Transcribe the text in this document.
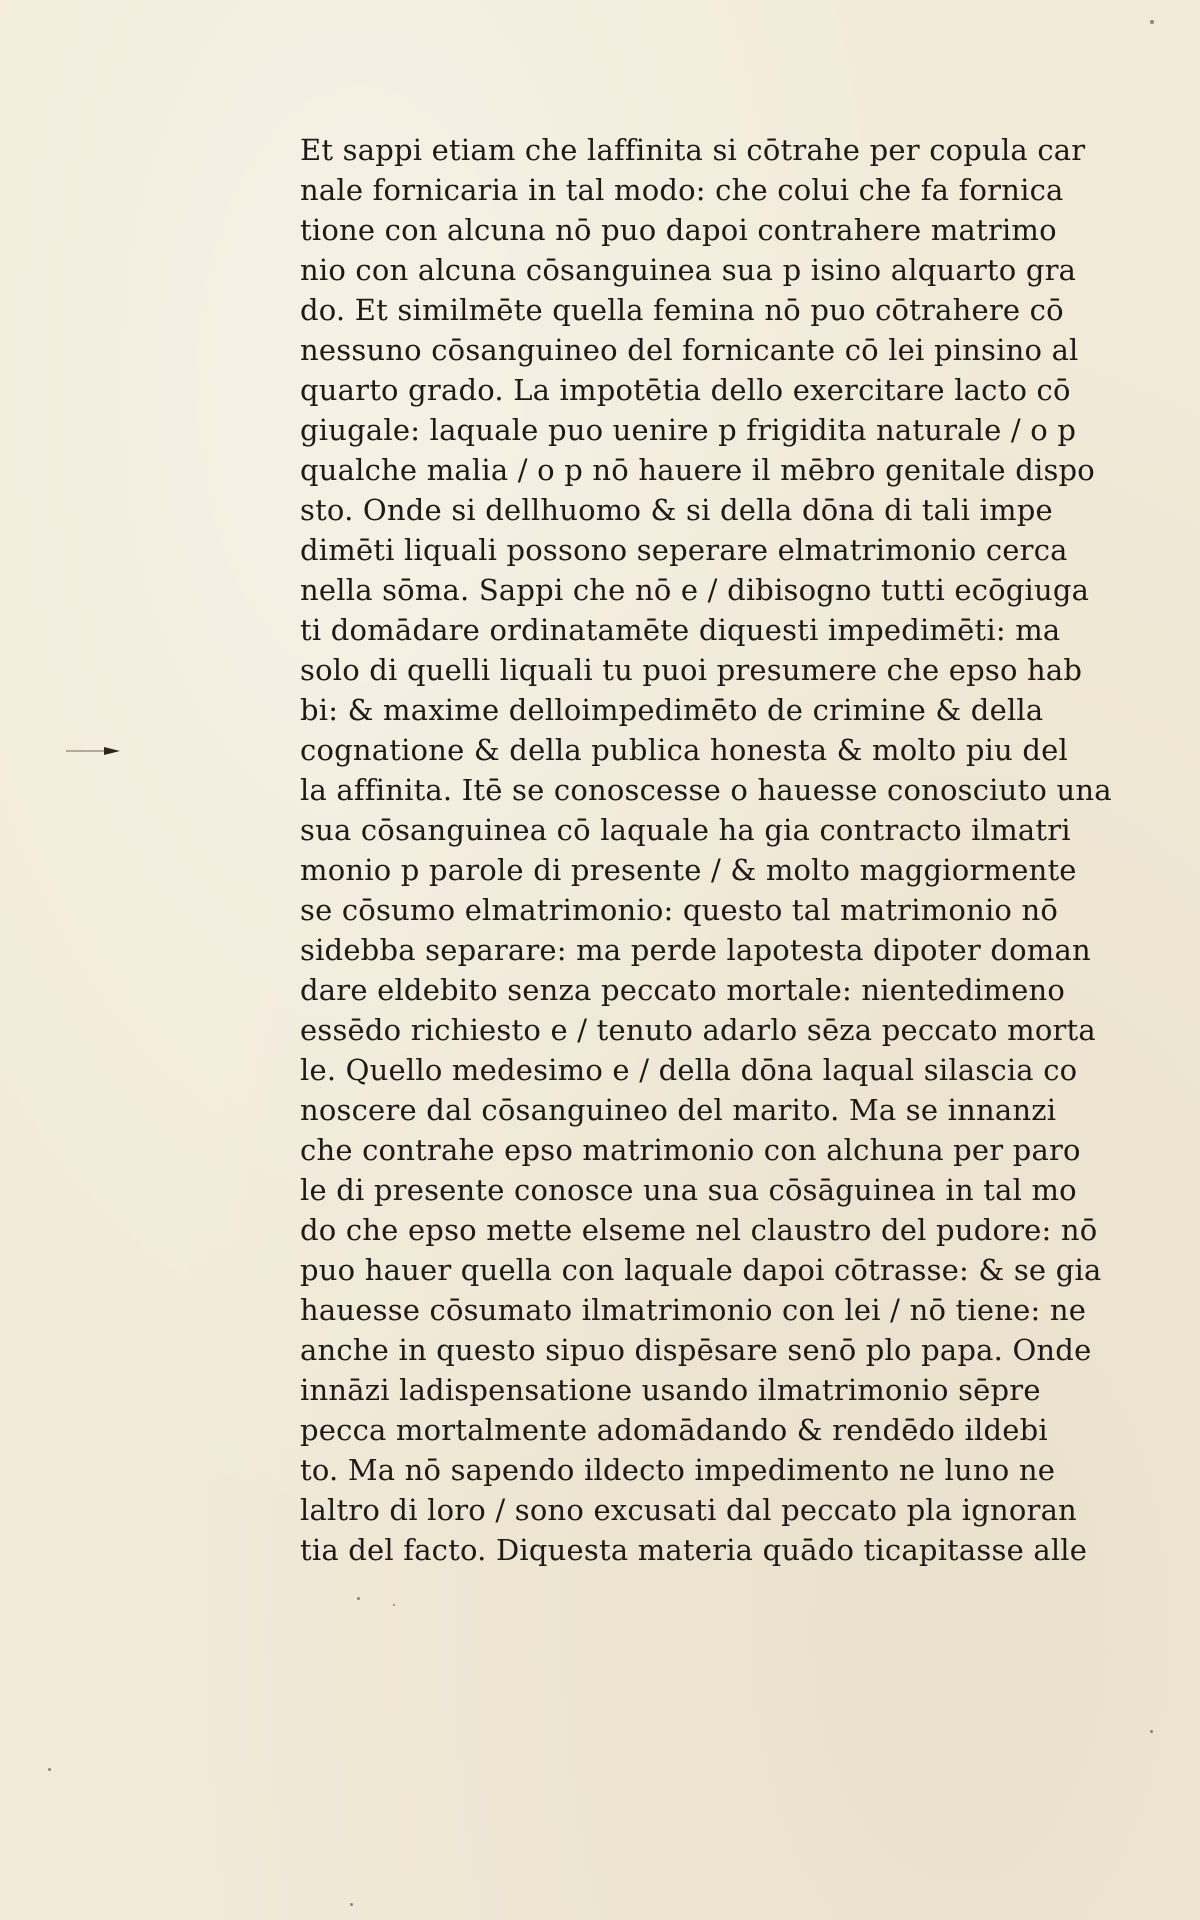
Et sappi etiam che laffinita si cōtrahe per copula car
nale fornicaria in tal modo: che colui che fa fornica
tione con alcuna nō puo dapoi contrahere matrimo
nio con alcuna cōsanguinea sua p isino alquarto gra
do. Et similmēte quella femina nō puo cōtrahere cō
nessuno cōsanguineo del fornicante cō lei pinsino al
quarto grado. La impotētia dello exercitare lacto cō
giugale: laquale puo uenire p frigidita naturale / o p
qualche malia / o p nō hauere il mēbro genitale dispo
sto. Onde si dellhuomo & si della dōna di tali impe
dimēti liquali possono seperare elmatrimonio cerca
nella sōma. Sappi che nō e / dibisogno tutti ecōgiuga
ti domādare ordinatamēte diquesti impedimēti: ma
solo di quelli liquali tu puoi presumere che epso hab
bi: & maxime delloimpedimēto de crimine & della
cognatione & della publica honesta & molto piu del
la affinita. Itē se conoscesse o hauesse conosciuto una
sua cōsanguinea cō laquale ha gia contracto ilmatri
monio p parole di presente / & molto maggiormente
se cōsumo elmatrimonio: questo tal matrimonio nō
sidebba separare: ma perde lapotesta dipoter doman
dare eldebito senza peccato mortale: nientedimeno
essēdo richiesto e / tenuto adarlo sēza peccato morta
le. Quello medesimo e / della dōna laqual silascia co
noscere dal cōsanguineo del marito. Ma se innanzi
che contrahe epso matrimonio con alchuna per paro
le di presente conosce una sua cōsāguinea in tal mo
do che epso mette elseme nel claustro del pudore: nō
puo hauer quella con laquale dapoi cōtrasse: & se gia
hauesse cōsumato ilmatrimonio con lei / nō tiene: ne
anche in questo sipuo dispēsare senō plo papa. Onde
innāzi ladispensatione usando ilmatrimonio sēpre
pecca mortalmente adomādando & rendēdo ildebi
to. Ma nō sapendo ildecto impedimento ne luno ne
laltro di loro / sono excusati dal peccato pla ignoran
tia del facto. Diquesta materia quādo ticapitasse alle
